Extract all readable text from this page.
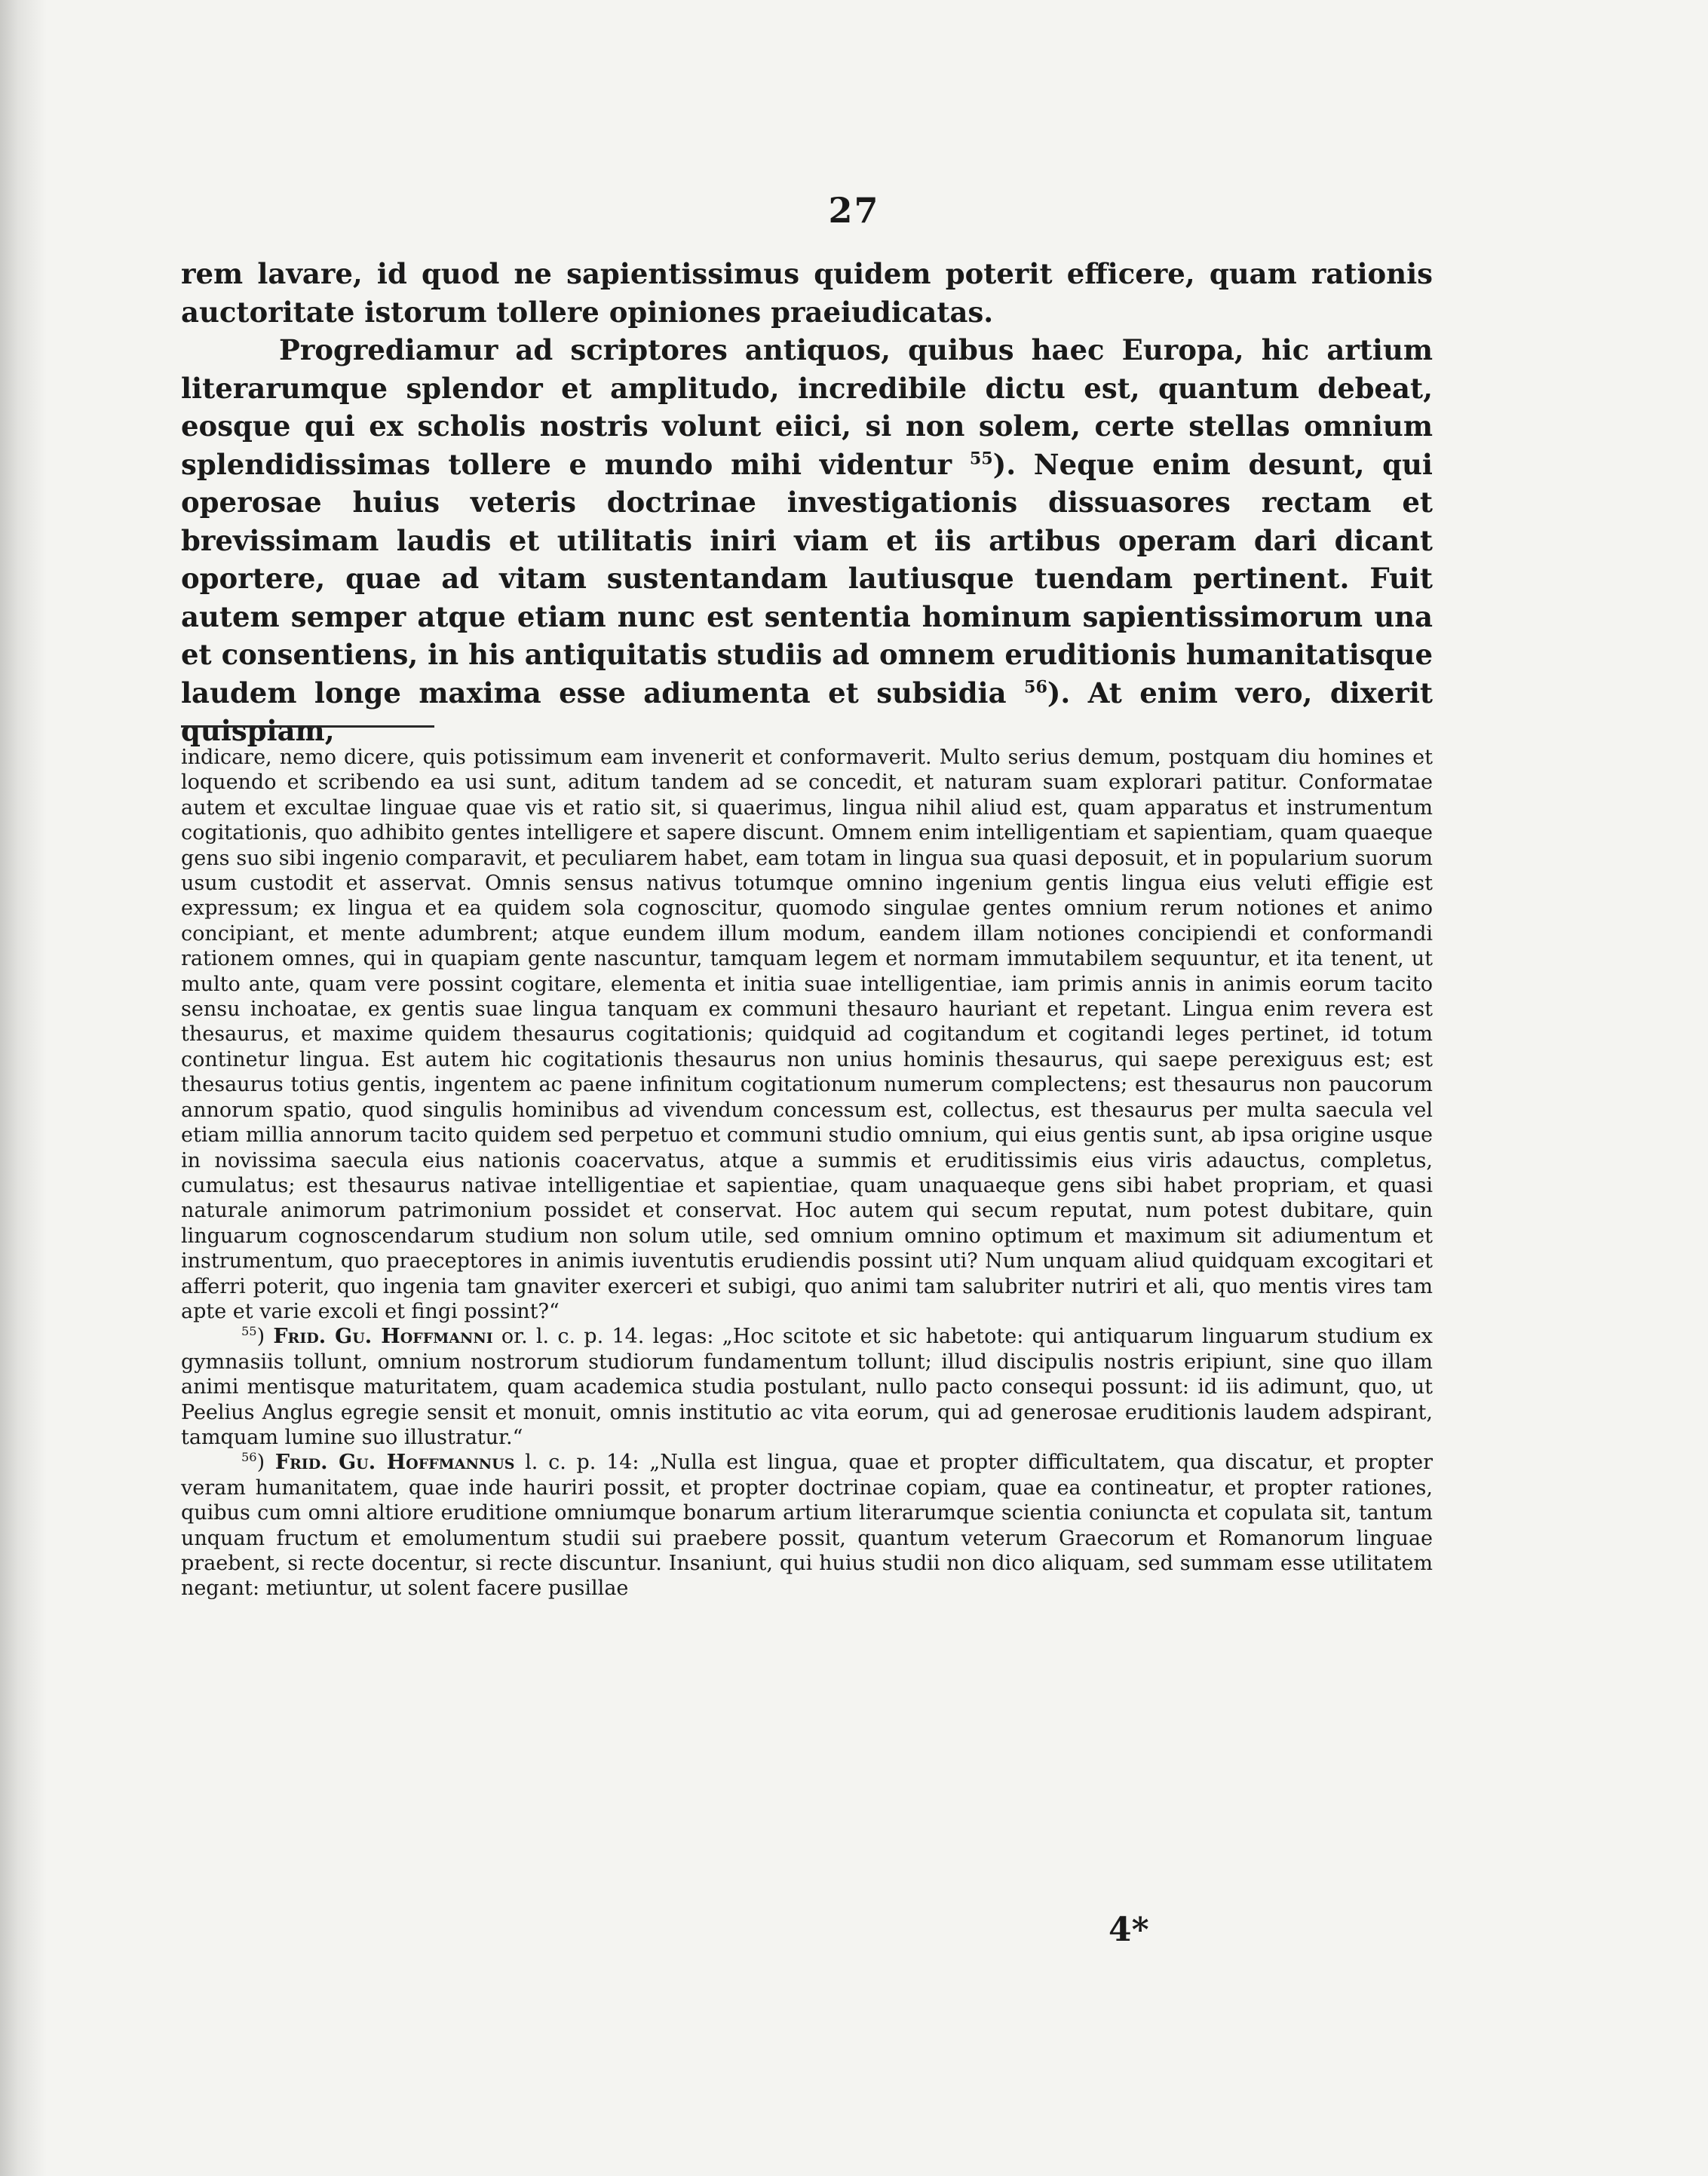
27

rem lavare, id quod ne sapientissimus quidem poterit efficere, quam rationis auctoritate istorum tollere opiniones praeiudicatas.

Progrediamur ad scriptores antiquos, quibus haec Europa, hic artium literarumque splendor et amplitudo, incredibile dictu est, quantum debeat, eosque qui ex scholis nostris volunt eiici, si non solem, certe stellas omnium splendidissimas tollere e mundo mihi videntur $^{55}$). Neque enim desunt, qui operosae huius veteris doctrinae investigationis dissuasores rectam et brevissimam laudis et utilitatis iniri viam et iis artibus operam dari dicant oportere, quae ad vitam sustentandam lautiusque tuendam pertinent. Fuit autem semper atque etiam nunc est sententia hominum sapientissimorum una et consentiens, in his antiquitatis studiis ad omnem eruditionis humanitatisque laudem longe maxima esse adiumenta et subsidia $^{56}$). At enim vero, dixerit quispiam,

indicare, nemo dicere, quis potissimum eam invenerit et conformaverit. Multo serius demum, postquam diu homines et loquendo et scribendo ea usi sunt, aditum tandem ad se concedit, et naturam suam explorari patitur. Conformatae autem et excultae linguae quae vis et ratio sit, si quaerimus, lingua nihil aliud est, quam apparatus et instrumentum cogitationis, quo adhibito gentes intelligere et sapere discunt. Omnem enim intelligentiam et sapientiam, quam quaeque gens suo sibi ingenio comparavit, et peculiarem habet, eam totam in lingua sua quasi deposuit, et in popularium suorum usum custodit et asservat. Omnis sensus nativus totumque omnino ingenium gentis lingua eius veluti effigie est expressum; ex lingua et ea quidem sola cognoscitur, quomodo singulae gentes omnium rerum notiones et animo concipiant, et mente adumbrent; atque eundem illum modum, eandem illam notiones concipiendi et conformandi rationem omnes, qui in quapiam gente nascuntur, tamquam legem et normam immutabilem sequuntur, et ita tenent, ut multo ante, quam vere possint cogitare, elementa et initia suae intelligentiae, iam primis annis in animis eorum tacito sensu inchoatae, ex gentis suae lingua tanquam ex communi thesauro hauriant et repetant. Lingua enim revera est thesaurus, et maxime quidem thesaurus cogitationis; quidquid ad cogitandum et cogitandi leges pertinet, id totum continetur lingua. Est autem hic cogitationis thesaurus non unius hominis thesaurus, qui saepe perexiguus est; est thesaurus totius gentis, ingentem ac paene infinitum cogitationum numerum complectens; est thesaurus non paucorum annorum spatio, quod singulis hominibus ad vivendum concessum est, collectus, est thesaurus per multa saecula vel etiam millia annorum tacito quidem sed perpetuo et communi studio omnium, qui eius gentis sunt, ab ipsa origine usque in novissima saecula eius nationis coacervatus, atque a summis et eruditissimis eius viris adauctus, completus, cumulatus; est thesaurus nativae intelligentiae et sapientiae, quam unaquaeque gens sibi habet propriam, et quasi naturale animorum patrimonium possidet et conservat. Hoc autem qui secum reputat, num potest dubitare, quin linguarum cognoscendarum studium non solum utile, sed omnium omnino optimum et maximum sit adiumentum et instrumentum, quo praeceptores in animis iuventutis erudiendis possint uti? Num unquam aliud quidquam excogitari et afferri poterit, quo ingenia tam gnaviter exerceri et subigi, quo animi tam salubriter nutriri et ali, quo mentis vires tam apte et varie excoli et fingi possint?“

$^{55}$) Frid. Gu. Hoffmanni or. l. c. p. 14. legas: „Hoc scitote et sic habetote: qui antiquarum linguarum studium ex gymnasiis tollunt, omnium nostrorum studiorum fundamentum tollunt; illud discipulis nostris eripiunt, sine quo illam animi mentisque maturitatem, quam academica studia postulant, nullo pacto consequi possunt: id iis adimunt, quo, ut Peelius Anglus egregie sensit et monuit, omnis institutio ac vita eorum, qui ad generosae eruditionis laudem adspirant, tamquam lumine suo illustratur.“

$^{56}$) Frid. Gu. Hoffmannus l. c. p. 14: „Nulla est lingua, quae et propter difficultatem, qua discatur, et propter veram humanitatem, quae inde hauriri possit, et propter doctrinae copiam, quae ea contineatur, et propter rationes, quibus cum omni altiore eruditione omniumque bonarum artium literarumque scientia coniuncta et copulata sit, tantum unquam fructum et emolumentum studii sui praebere possit, quantum veterum Graecorum et Romanorum linguae praebent, si recte docentur, si recte discuntur. Insaniunt, qui huius studii non dico aliquam, sed summam esse utilitatem negant: metiuntur, ut solent facere pusillae

4*
